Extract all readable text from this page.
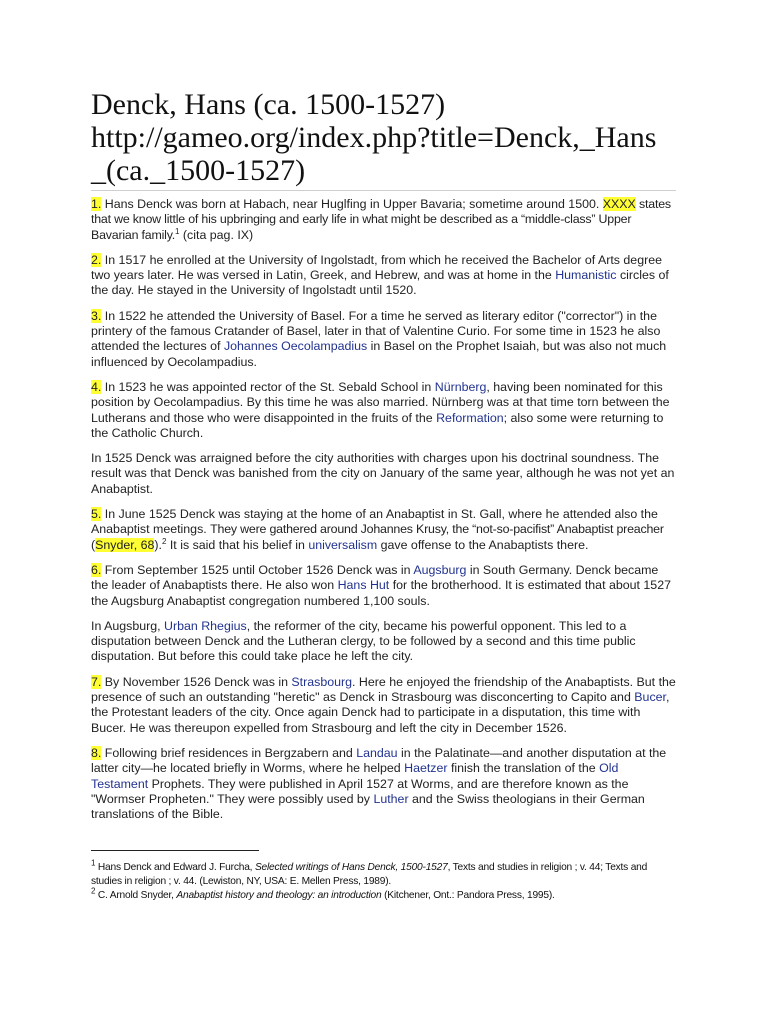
Denck, Hans (ca. 1500-1527)
http://gameo.org/index.php?title=Denck,_Hans
_(ca._1500-1527)

1. Hans Denck was born at Habach, near Huglfing in Upper Bavaria; sometime around 1500. XXXX states that we know little of his upbringing and early life in what might be described as a “middle-class” Upper Bavarian family.$^1$ (cita pag. IX)

2. In 1517 he enrolled at the University of Ingolstadt, from which he received the Bachelor of Arts degree two years later. He was versed in Latin, Greek, and Hebrew, and was at home in the Humanistic circles of the day. He stayed in the University of Ingolstadt until 1520.

3. In 1522 he attended the University of Basel. For a time he served as literary editor ("corrector") in the printery of the famous Cratander of Basel, later in that of Valentine Curio. For some time in 1523 he also attended the lectures of Johannes Oecolampadius in Basel on the Prophet Isaiah, but was also not much influenced by Oecolampadius.

4. In 1523 he was appointed rector of the St. Sebald School in Nürnberg, having been nominated for this position by Oecolampadius. By this time he was also married. Nürnberg was at that time torn between the Lutherans and those who were disappointed in the fruits of the Reformation; also some were returning to the Catholic Church.

In 1525 Denck was arraigned before the city authorities with charges upon his doctrinal soundness. The result was that Denck was banished from the city on January of the same year, although he was not yet an Anabaptist.

5. In June 1525 Denck was staying at the home of an Anabaptist in St. Gall, where he attended also the Anabaptist meetings. They were gathered around Johannes Krusy, the “not-so-pacifist” Anabaptist preacher (Snyder, 68).$^2$ It is said that his belief in universalism gave offense to the Anabaptists there.

6. From September 1525 until October 1526 Denck was in Augsburg in South Germany. Denck became the leader of Anabaptists there. He also won Hans Hut for the brotherhood. It is estimated that about 1527 the Augsburg Anabaptist congregation numbered 1,100 souls.

In Augsburg, Urban Rhegius, the reformer of the city, became his powerful opponent. This led to a disputation between Denck and the Lutheran clergy, to be followed by a second and this time public disputation. But before this could take place he left the city.

7. By November 1526 Denck was in Strasbourg. Here he enjoyed the friendship of the Anabaptists. But the presence of such an outstanding "heretic" as Denck in Strasbourg was disconcerting to Capito and Bucer, the Protestant leaders of the city. Once again Denck had to participate in a disputation, this time with Bucer. He was thereupon expelled from Strasbourg and left the city in December 1526.

8. Following brief residences in Bergzabern and Landau in the Palatinate—and another disputation at the latter city—he located briefly in Worms, where he helped Haetzer finish the translation of the Old Testament Prophets. They were published in April 1527 at Worms, and are therefore known as the "Wormser Propheten." They were possibly used by Luther and the Swiss theologians in their German translations of the Bible.

$^1$ Hans Denck and Edward J. Furcha, Selected writings of Hans Denck, 1500-1527, Texts and studies in religion ; v. 44; Texts and studies in religion ; v. 44. (Lewiston, NY, USA: E. Mellen Press, 1989).

$^2$ C. Arnold Snyder, Anabaptist history and theology: an introduction (Kitchener, Ont.: Pandora Press, 1995).
